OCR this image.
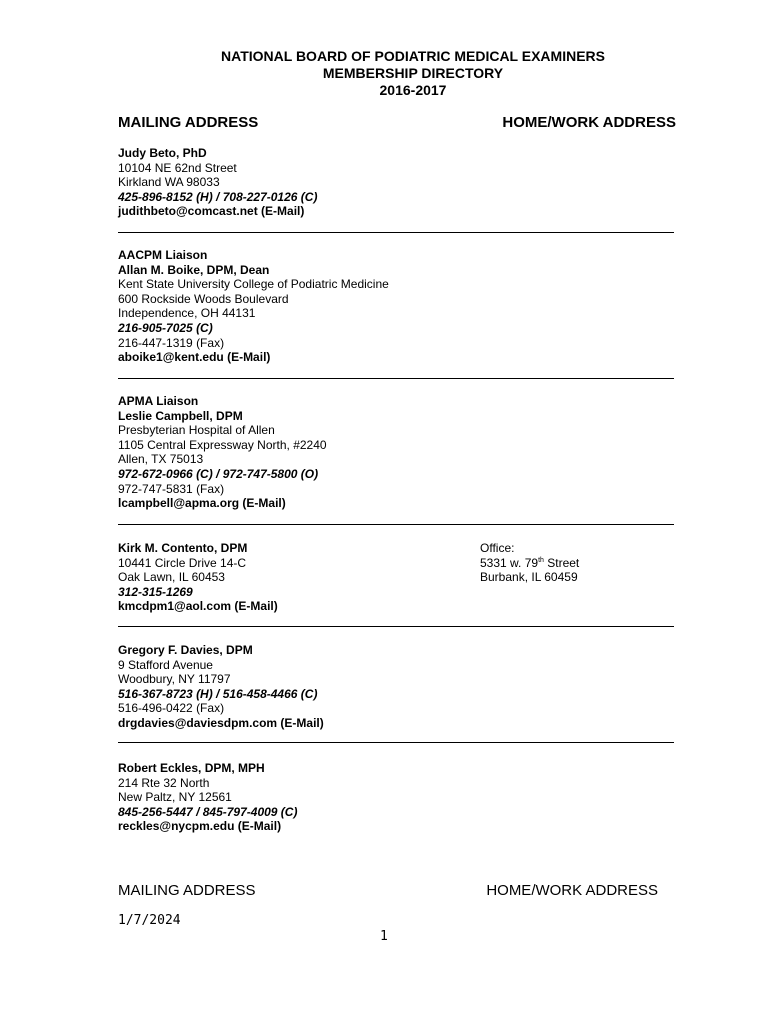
NATIONAL BOARD OF PODIATRIC MEDICAL EXAMINERS
MEMBERSHIP DIRECTORY
2016-2017
MAILING ADDRESS	HOME/WORK ADDRESS
Judy Beto, PhD
10104 NE 62nd Street
Kirkland WA 98033
425-896-8152 (H) / 708-227-0126 (C)
judithbeto@comcast.net (E-Mail)
AACPM Liaison
Allan M. Boike, DPM, Dean
Kent State University College of Podiatric Medicine
600 Rockside Woods Boulevard
Independence, OH 44131
216-905-7025 (C)
216-447-1319 (Fax)
aboike1@kent.edu (E-Mail)
APMA Liaison
Leslie Campbell, DPM
Presbyterian Hospital of Allen
1105 Central Expressway North, #2240
Allen, TX 75013
972-672-0966 (C) / 972-747-5800 (O)
972-747-5831 (Fax)
lcampbell@apma.org (E-Mail)
Kirk M. Contento, DPM
10441 Circle Drive 14-C
Oak Lawn, IL 60453
312-315-1269
kmcdpm1@aol.com (E-Mail)
Office:
5331 w. 79th Street
Burbank, IL 60459
Gregory F. Davies, DPM
9 Stafford Avenue
Woodbury, NY 11797
516-367-8723 (H) / 516-458-4466 (C)
516-496-0422 (Fax)
drgdavies@daviesdpm.com (E-Mail)
Robert Eckles, DPM, MPH
214 Rte 32 North
New Paltz, NY 12561
845-256-5447 / 845-797-4009 (C)
reckles@nycpm.edu (E-Mail)
MAILING ADDRESS	HOME/WORK ADDRESS
1/7/2024
1
